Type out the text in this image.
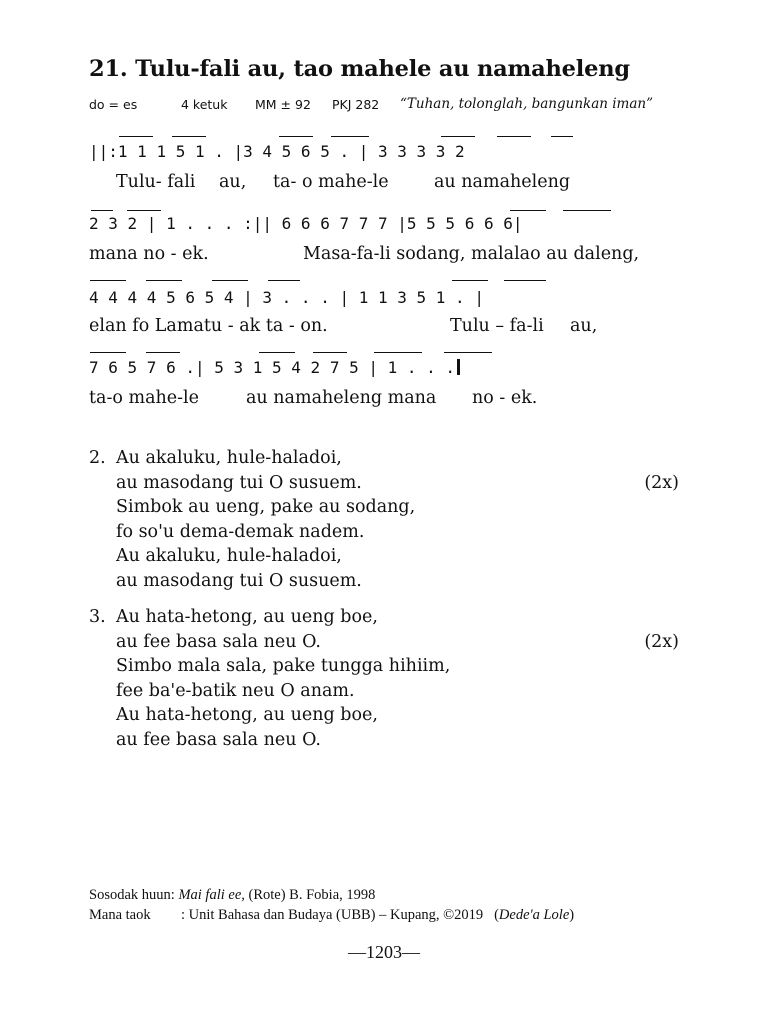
21. Tulu-fali au, tao mahele au namaheleng
do = es	4 ketuk MM ± 92 PKJ 282 “Tuhan, tolonglah, bangunkan iman”
||:1 1 1 5 1 . |3 4 5 6 5 . | 3 3 3 3 2
Tulu- fali au, ta- o mahe-le	au namaheleng
2 3 2 | 1 . . . :|| 6 6 6 7 7 7 |5 5 5 6 6 6|
mana no - ek.	Masa-fa-li sodang, malalao au daleng,
4 4 4 4 5 6 5 4 | 3 . . . | 1 1 3 5 1 . |
elan fo Lamatu - ak ta - on.	Tulu – fa-li au,
7 6 5 7 6 .| 5 3 1 5 4 2 7 5 | 1 . . .
ta-o mahe-le	au namaheleng mana no - ek.
2. Au akaluku, hule-haladoi,
au masodang tui O susuem.	(2x)
Simbok au ueng, pake au sodang,
fo so'u dema-demak nadem.
Au akaluku, hule-haladoi,
au masodang tui O susuem.
3. Au hata-hetong, au ueng boe,
au fee basa sala neu O.	(2x)
Simbo mala sala, pake tungga hihiim,
fee ba'e-batik neu O anam.
Au hata-hetong, au ueng boe,
au fee basa sala neu O.
Sosodak huun: Mai fali ee, (Rote) B. Fobia, 1998
Mana taok : Unit Bahasa dan Budaya (UBB) – Kupang, ©2019   (Dede'a Lole)
—1203—
